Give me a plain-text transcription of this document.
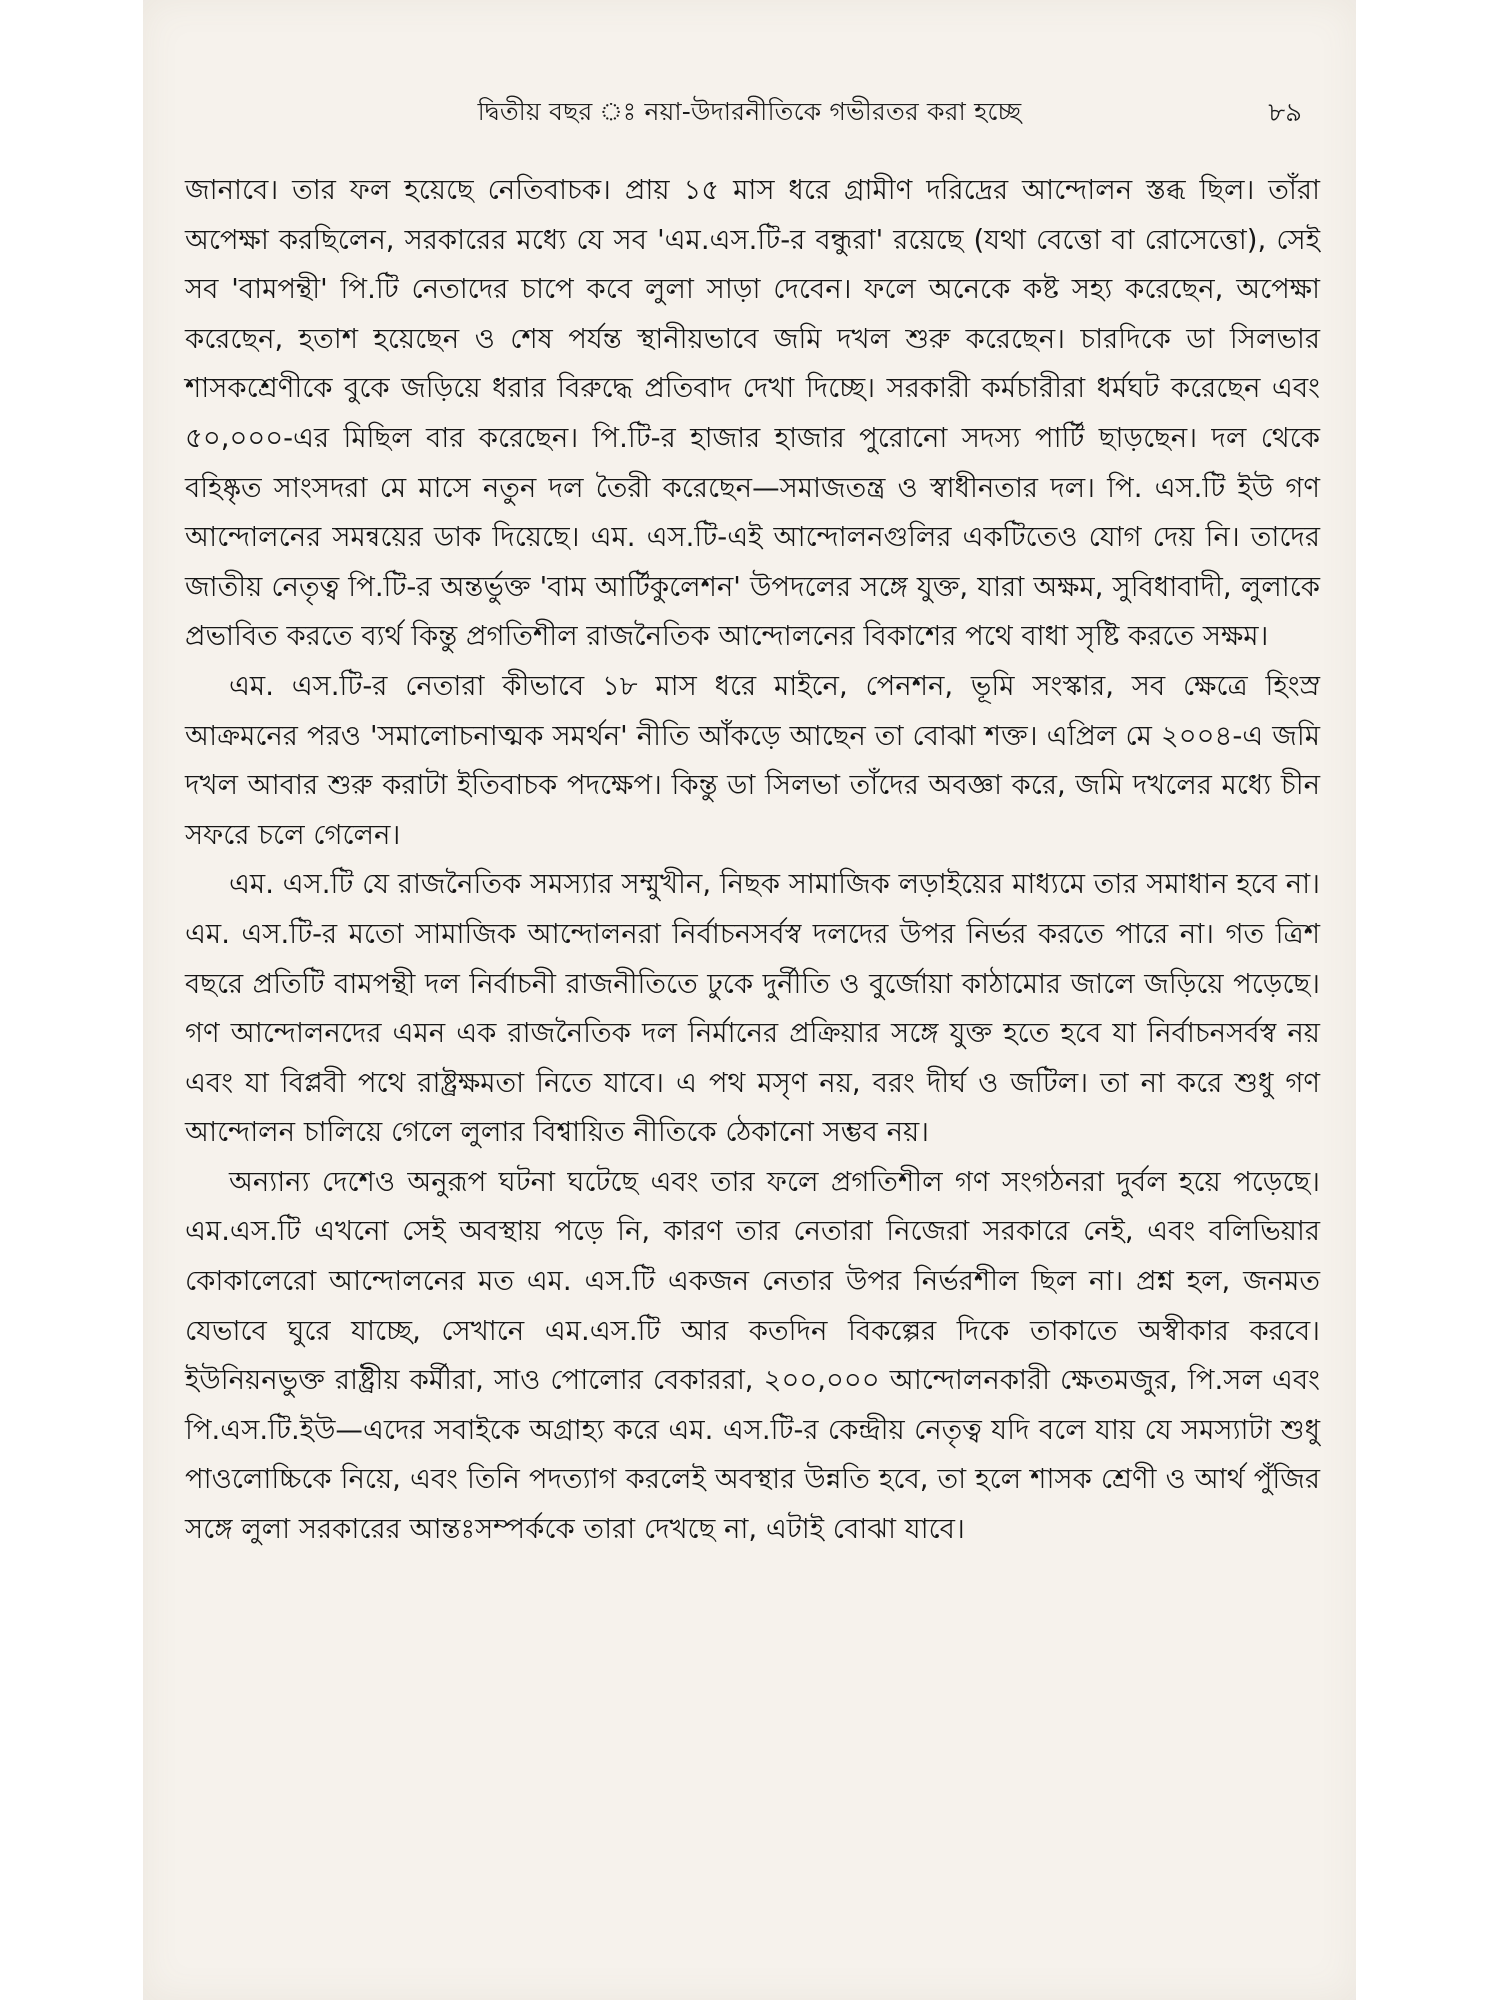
দ্বিতীয় বছর ঃ নয়া-উদারনীতিকে গভীরতর করা হচ্ছে	৮৯

জানাবে। তার ফল হয়েছে নেতিবাচক। প্রায় ১৫ মাস ধরে গ্রামীণ দরিদ্রের আন্দোলন স্তব্ধ ছিল। তাঁরা অপেক্ষা করছিলেন, সরকারের মধ্যে যে সব 'এম.এস.টি-র বন্ধুরা' রয়েছে (যথা বেত্তো বা রোসেত্তো), সেই সব 'বামপন্থী' পি.টি নেতাদের চাপে কবে লুলা সাড়া দেবেন। ফলে অনেকে কষ্ট সহ্য করেছেন, অপেক্ষা করেছেন, হতাশ হয়েছেন ও শেষ পর্যন্ত স্থানীয়ভাবে জমি দখল শুরু করেছেন। চারদিকে ডা সিলভার শাসকশ্রেণীকে বুকে জড়িয়ে ধরার বিরুদ্ধে প্রতিবাদ দেখা দিচ্ছে। সরকারী কর্মচারীরা ধর্মঘট করেছেন এবং ৫০,০০০-এর মিছিল বার করেছেন। পি.টি-র হাজার হাজার পুরোনো সদস্য পার্টি ছাড়ছেন। দল থেকে বহিষ্কৃত সাংসদরা মে মাসে নতুন দল তৈরী করেছেন—সমাজতন্ত্র ও স্বাধীনতার দল। পি. এস.টি ইউ গণ আন্দোলনের সমন্বয়ের ডাক দিয়েছে। এম. এস.টি-এই আন্দোলনগুলির একটিতেও যোগ দেয় নি। তাদের জাতীয় নেতৃত্ব পি.টি-র অন্তর্ভুক্ত 'বাম আর্টিকুলেশন' উপদলের সঙ্গে যুক্ত, যারা অক্ষম, সুবিধাবাদী, লুলাকে প্রভাবিত করতে ব্যর্থ কিন্তু প্রগতিশীল রাজনৈতিক আন্দোলনের বিকাশের পথে বাধা সৃষ্টি করতে সক্ষম।

এম. এস.টি-র নেতারা কীভাবে ১৮ মাস ধরে মাইনে, পেনশন, ভূমি সংস্কার, সব ক্ষেত্রে হিংস্র আক্রমনের পরও 'সমালোচনাত্মক সমর্থন' নীতি আঁকড়ে আছেন তা বোঝা শক্ত। এপ্রিল মে ২০০৪-এ জমি দখল আবার শুরু করাটা ইতিবাচক পদক্ষেপ। কিন্তু ডা সিলভা তাঁদের অবজ্ঞা করে, জমি দখলের মধ্যে চীন সফরে চলে গেলেন।

এম. এস.টি যে রাজনৈতিক সমস্যার সম্মুখীন, নিছক সামাজিক লড়াইয়ের মাধ্যমে তার সমাধান হবে না। এম. এস.টি-র মতো সামাজিক আন্দোলনরা নির্বাচনসর্বস্ব দলদের উপর নির্ভর করতে পারে না। গত ত্রিশ বছরে প্রতিটি বামপন্থী দল নির্বাচনী রাজনীতিতে ঢুকে দুর্নীতি ও বুর্জোয়া কাঠামোর জালে জড়িয়ে পড়েছে। গণ আন্দোলনদের এমন এক রাজনৈতিক দল নির্মানের প্রক্রিয়ার সঙ্গে যুক্ত হতে হবে যা নির্বাচনসর্বস্ব নয় এবং যা বিপ্লবী পথে রাষ্ট্রক্ষমতা নিতে যাবে। এ পথ মসৃণ নয়, বরং দীর্ঘ ও জটিল। তা না করে শুধু গণ আন্দোলন চালিয়ে গেলে লুলার বিশ্বায়িত নীতিকে ঠেকানো সম্ভব নয়।

অন্যান্য দেশেও অনুরূপ ঘটনা ঘটেছে এবং তার ফলে প্রগতিশীল গণ সংগঠনরা দুর্বল হয়ে পড়েছে। এম.এস.টি এখনো সেই অবস্থায় পড়ে নি, কারণ তার নেতারা নিজেরা সরকারে নেই, এবং বলিভিয়ার কোকালেরো আন্দোলনের মত এম. এস.টি একজন নেতার উপর নির্ভরশীল ছিল না। প্রশ্ন হল, জনমত যেভাবে ঘুরে যাচ্ছে, সেখানে এম.এস.টি আর কতদিন বিকল্পের দিকে তাকাতে অস্বীকার করবে। ইউনিয়নভুক্ত রাষ্ট্রীয় কর্মীরা, সাও পোলোর বেকাররা, ২০০,০০০ আন্দোলনকারী ক্ষেতমজুর, পি.সল এবং পি.এস.টি.ইউ—এদের সবাইকে অগ্রাহ্য করে এম. এস.টি-র কেন্দ্রীয় নেতৃত্ব যদি বলে যায় যে সমস্যাটা শুধু পাওলোচ্চিকে নিয়ে, এবং তিনি পদত্যাগ করলেই অবস্থার উন্নতি হবে, তা হলে শাসক শ্রেণী ও আর্থ পুঁজির সঙ্গে লুলা সরকারের আন্তঃসম্পর্ককে তারা দেখছে না, এটাই বোঝা যাবে।
